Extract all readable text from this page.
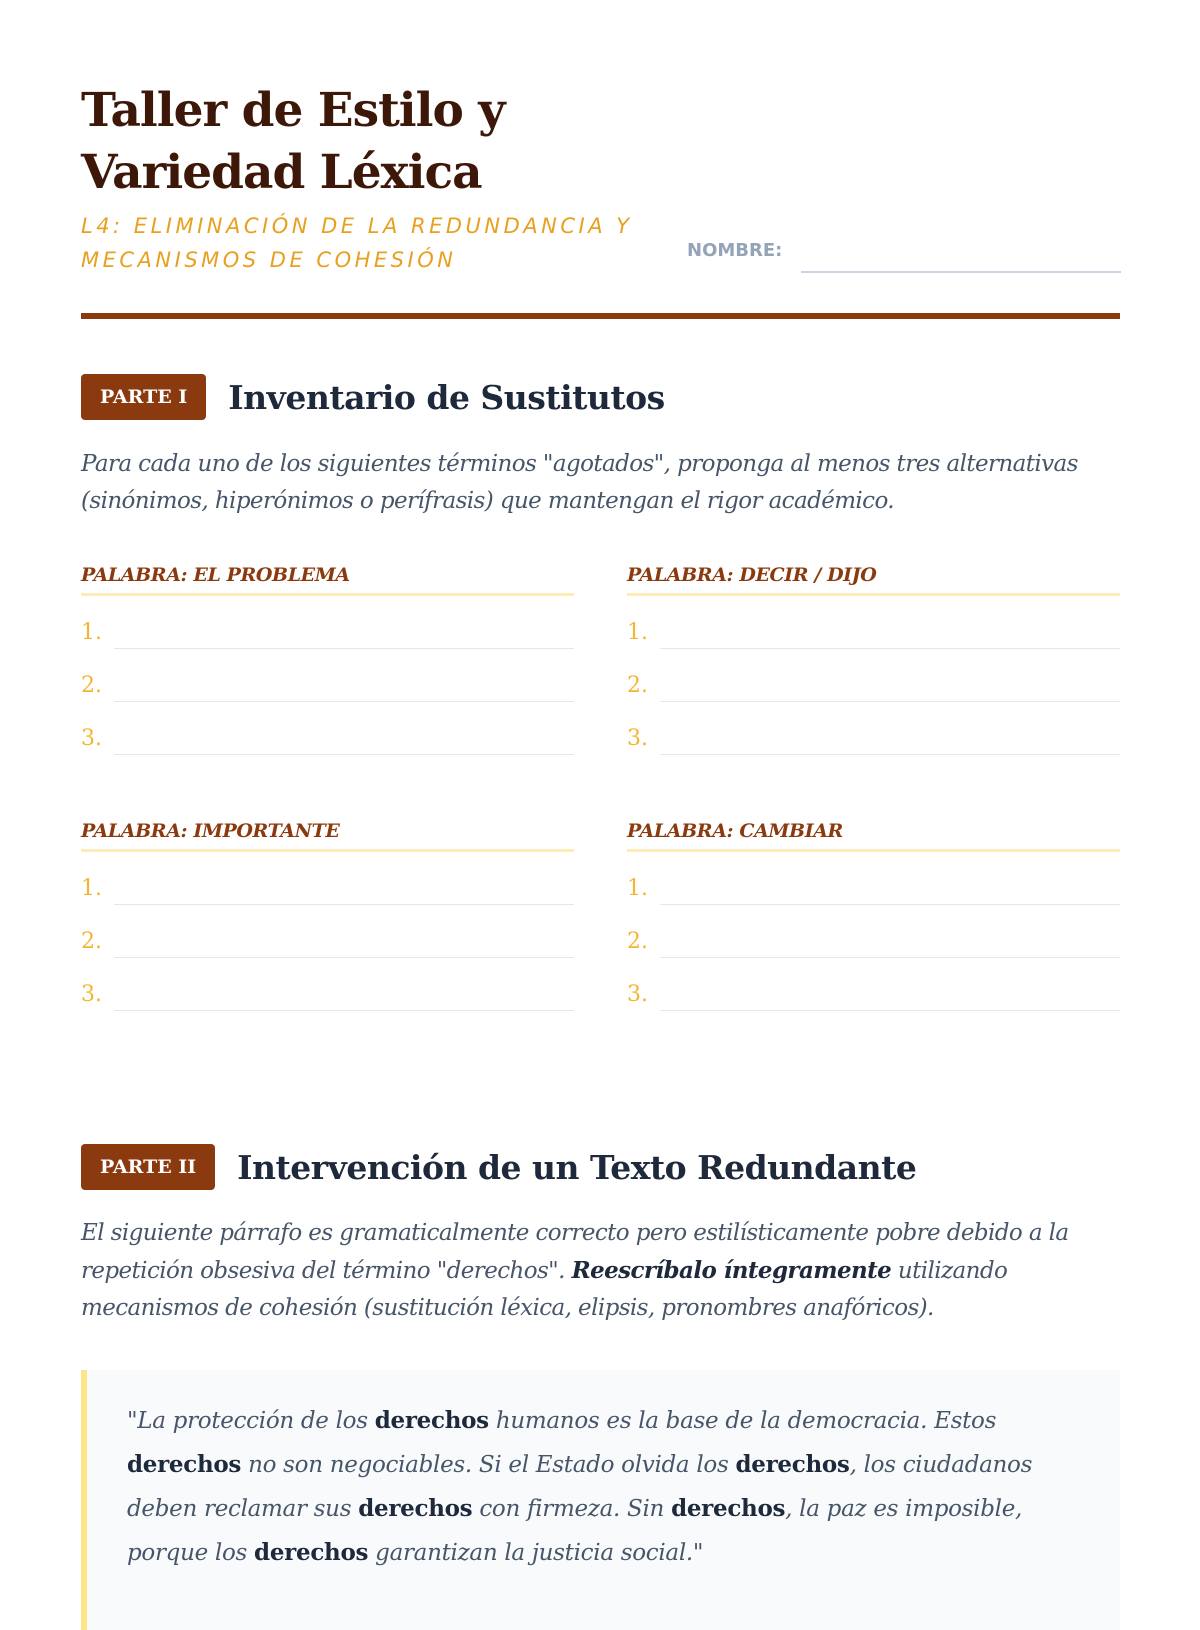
Taller de Estilo y Variedad Léxica

L4: ELIMINACIÓN DE LA REDUNDANCIA Y MECANISMOS DE COHESIÓN	NOMBRE:
PARTE I	Inventario de Sustitutos

Para cada uno de los siguientes términos "agotados", proponga al menos tres alternativas (sinónimos, hiperónimos o perífrasis) que mantengan el rigor académico.

PALABRA: EL PROBLEMA
1.
2.
3.
PALABRA: DECIR / DIJO
1.
2.
3.
PALABRA: IMPORTANTE
1.
2.
3.
PALABRA: CAMBIAR
1.
2.
3.
PARTE II	Intervención de un Texto Redundante

El siguiente párrafo es gramaticalmente correcto pero estilísticamente pobre debido a la repetición obsesiva del término "derechos". Reescríbalo íntegramente utilizando mecanismos de cohesión (sustitución léxica, elipsis, pronombres anafóricos).

"La protección de los derechos humanos es la base de la democracia. Estos derechos no son negociables. Si el Estado olvida los derechos, los ciudadanos deben reclamar sus derechos con firmeza. Sin derechos, la paz es imposible, porque los derechos garantizan la justicia social."
